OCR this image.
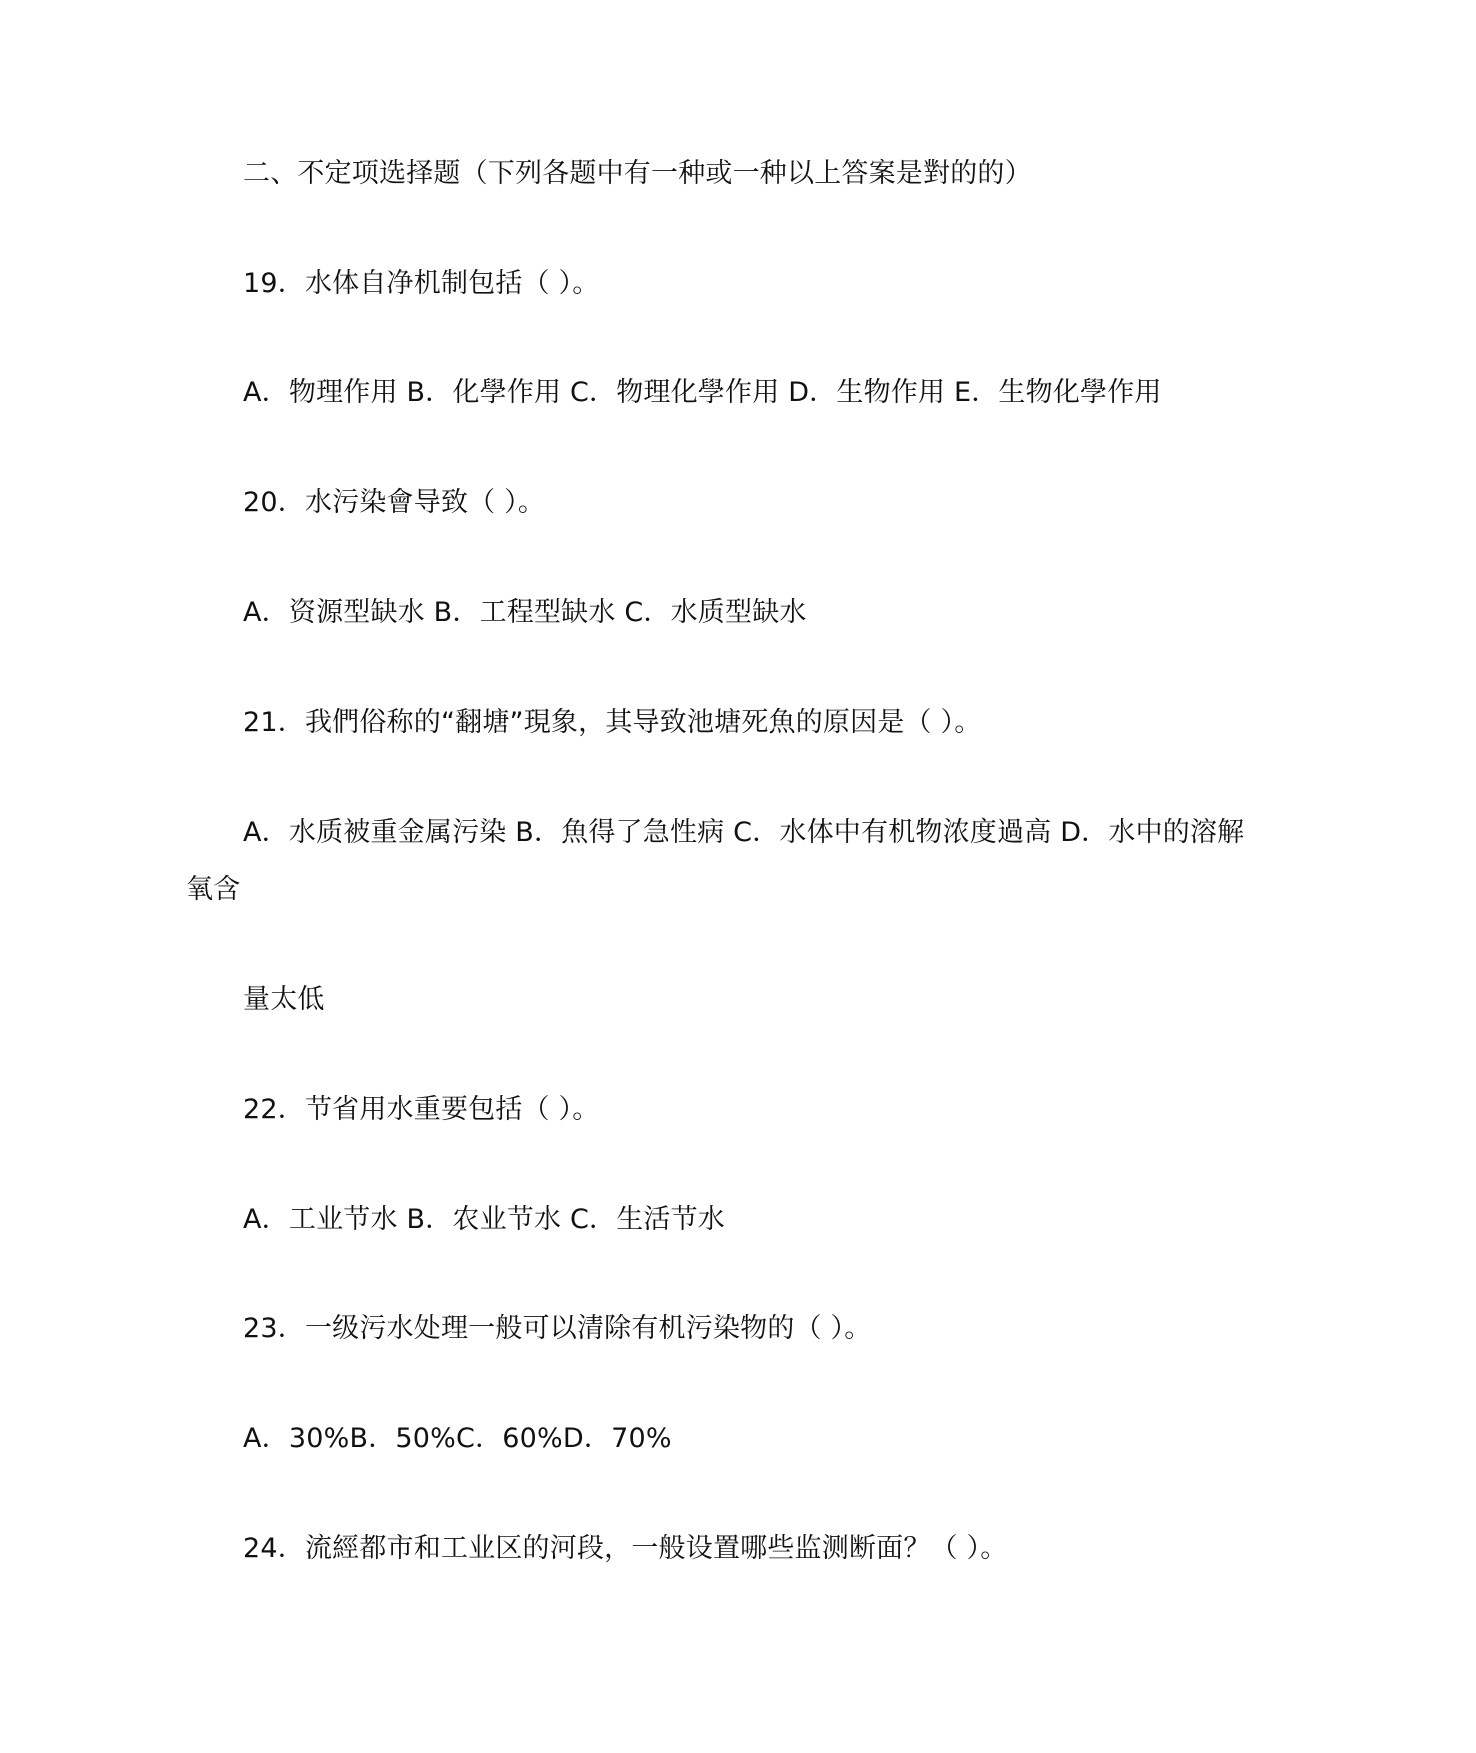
二、不定项选择题（下列各题中有一种或一种以上答案是對的的）
19．水体自净机制包括（ ）。
A．物理作用 B．化學作用 C．物理化學作用 D．生物作用 E．生物化學作用
20．水污染會导致（ ）。
A．资源型缺水 B．工程型缺水 C．水质型缺水
21．我們俗称的“翻塘”現象，其导致池塘死魚的原因是（ ）。
A．水质被重金属污染 B．魚得了急性病 C．水体中有机物浓度過高 D．水中的溶解
氧含
量太低
22．节省用水重要包括（ ）。
A．工业节水 B．农业节水 C．生活节水
23．一级污水处理一般可以清除有机污染物的（ ）。
A．30%B．50%C．60%D．70%
24．流經都市和工业区的河段，一般设置哪些监测断面？（ ）。
